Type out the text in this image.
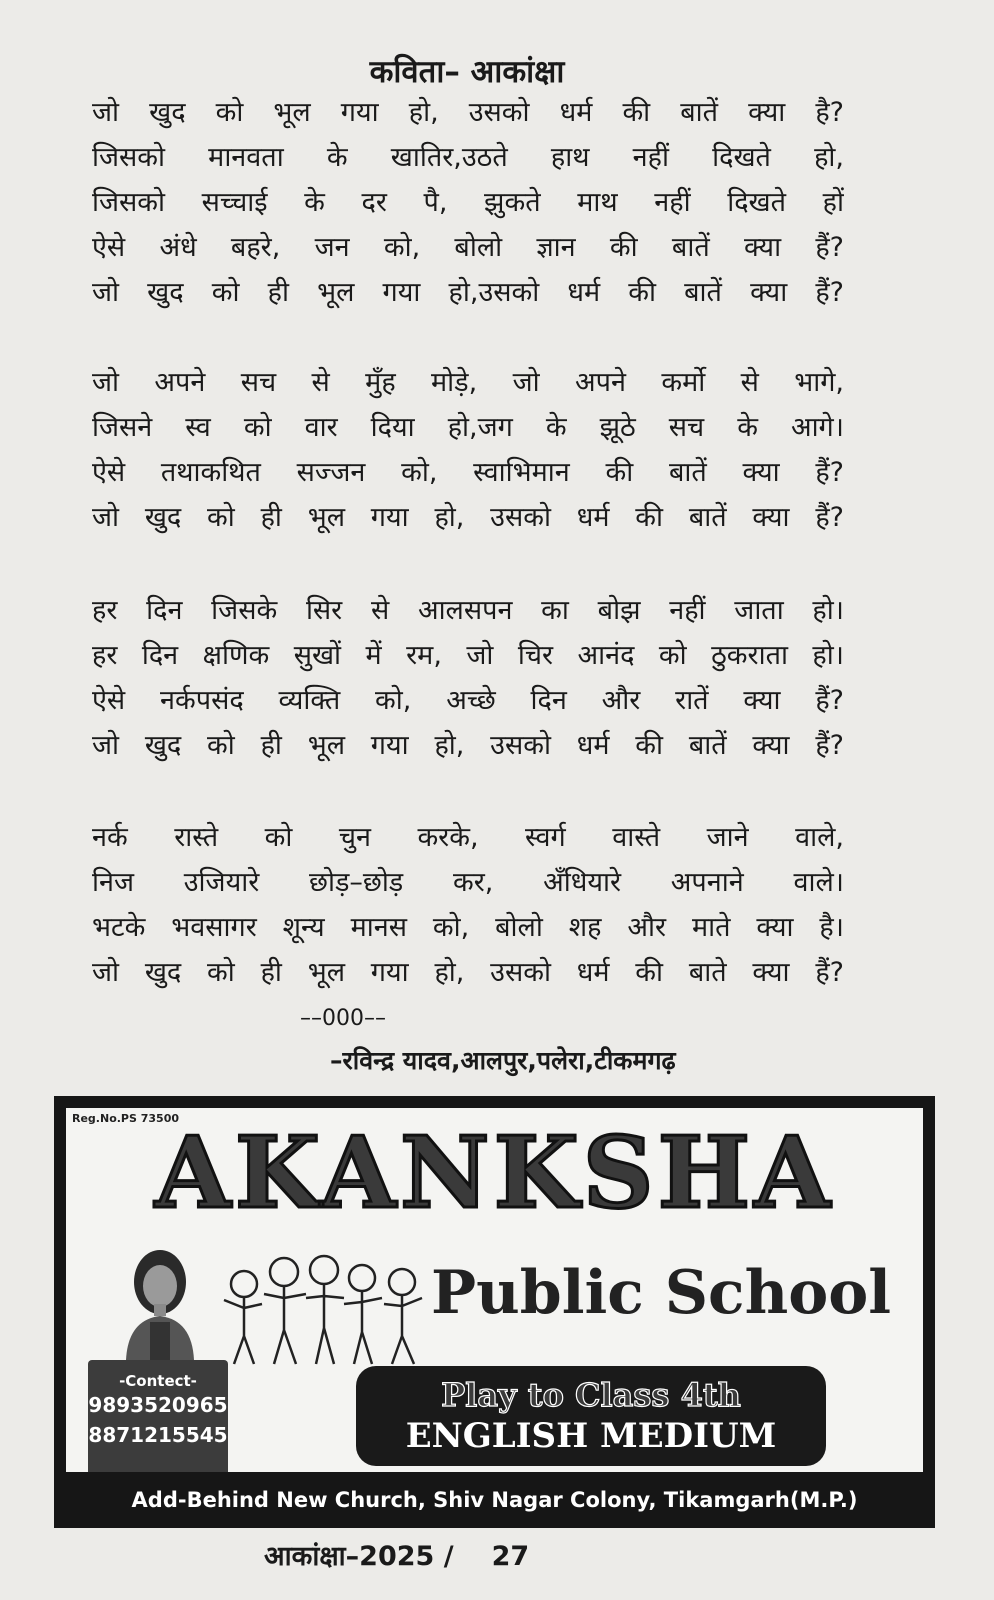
कविता– आकांक्षा
जो खुद को भूल गया हो, उसको धर्म की बातें क्या है?
जिसको मानवता के खातिर,उठते हाथ नहीं दिखते हो,
जिसको सच्चाई के दर पै, झुकते माथ नहीं दिखते हों
ऐसे अंधे बहरे, जन को, बोलो ज्ञान की बातें क्या हैं?
जो खुद को ही भूल गया हो,उसको धर्म की बातें क्या हैं?
जो अपने सच से मुँह मोड़े, जो अपने कर्मो से भागे,
जिसने स्व को वार दिया हो,जग के झूठे सच के आगे।
ऐसे तथाकथित सज्जन को, स्वाभिमान की बातें क्या हैं?
जो खुद को ही भूल गया हो, उसको धर्म की बातें क्या हैं?
हर दिन जिसके सिर से आलसपन का बोझ नहीं जाता हो।
हर दिन क्षणिक सुखों में रम, जो चिर आनंद को ठुकराता हो।
ऐसे नर्कपसंद व्यक्ति को, अच्छे दिन और रातें क्या हैं?
जो खुद को ही भूल गया हो, उसको धर्म की बातें क्या हैं?
नर्क रास्ते को चुन करके, स्वर्ग वास्ते जाने वाले,
निज उजियारे छोड़–छोड़ कर, अँधियारे अपनाने वाले।
भटके भवसागर शून्य मानस को, बोलो शह और माते क्या है।
जो खुद को ही भूल गया हो, उसको धर्म की बाते क्या हैं?
––000––
–रविन्द्र यादव,आलपुर,पलेरा,टीकमगढ़
Reg.No.PS 73500
AKANKSHA
Public School
-Contect-
9893520965
8871215545
Play to Class 4th
ENGLISH MEDIUM
Add-Behind New Church, Shiv Nagar Colony, Tikamgarh(M.P.)
आकांक्षा–2025 / 27
